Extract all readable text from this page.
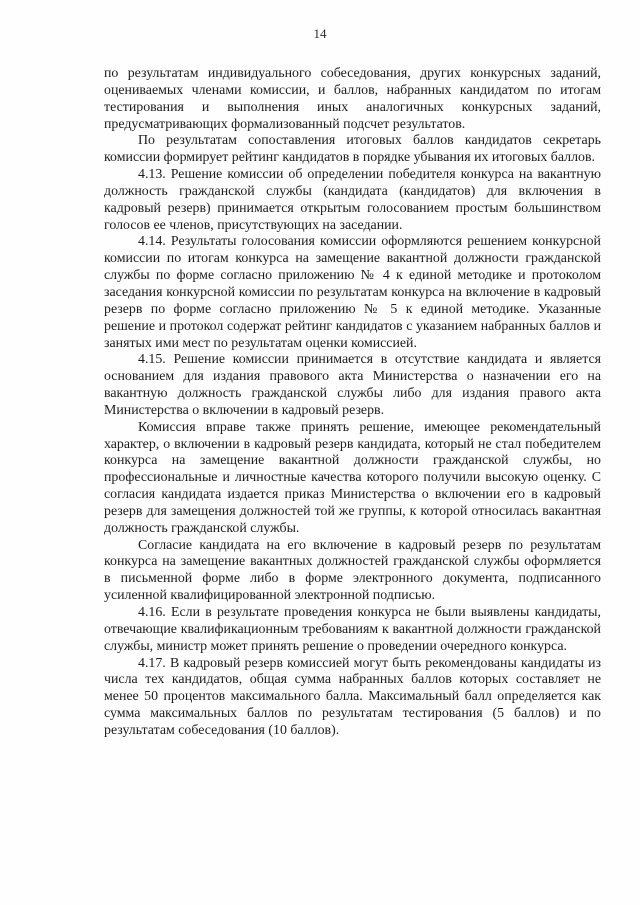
14

по результатам индивидуального собеседования, других конкурсных заданий, оцениваемых членами комиссии, и баллов, набранных кандидатом по итогам тестирования и выполнения иных аналогичных конкурсных заданий, предусматривающих формализованный подсчет результатов.

По результатам сопоставления итоговых баллов кандидатов секретарь комиссии формирует рейтинг кандидатов в порядке убывания их итоговых баллов.

4.13. Решение комиссии об определении победителя конкурса на вакантную должность гражданской службы (кандидата (кандидатов) для включения в кадровый резерв) принимается открытым голосованием простым большинством голосов ее членов, присутствующих на заседании.

4.14. Результаты голосования комиссии оформляются решением конкурсной комиссии по итогам конкурса на замещение вакантной должности гражданской службы по форме согласно приложению № 4 к единой методике и протоколом заседания конкурсной комиссии по результатам конкурса на включение в кадровый резерв по форме согласно приложению № 5 к единой методике. Указанные решение и протокол содержат рейтинг кандидатов с указанием набранных баллов и занятых ими мест по результатам оценки комиссией.

4.15. Решение комиссии принимается в отсутствие кандидата и является основанием для издания правового акта Министерства о назначении его на вакантную должность гражданской службы либо для издания правого акта Министерства о включении в кадровый резерв.

Комиссия вправе также принять решение, имеющее рекомендательный характер, о включении в кадровый резерв кандидата, который не стал победителем конкурса на замещение вакантной должности гражданской службы, но профессиональные и личностные качества которого получили высокую оценку. С согласия кандидата издается приказ Министерства о включении его в кадровый резерв для замещения должностей той же группы, к которой относилась вакантная должность гражданской службы.

Согласие кандидата на его включение в кадровый резерв по результатам конкурса на замещение вакантных должностей гражданской службы оформляется в письменной форме либо в форме электронного документа, подписанного усиленной квалифицированной электронной подписью.

4.16. Если в результате проведения конкурса не были выявлены кандидаты, отвечающие квалификационным требованиям к вакантной должности гражданской службы, министр может принять решение о проведении очередного конкурса.

4.17. В кадровый резерв комиссией могут быть рекомендованы кандидаты из числа тех кандидатов, общая сумма набранных баллов которых составляет не менее 50 процентов максимального балла. Максимальный балл определяется как сумма максимальных баллов по результатам тестирования (5 баллов) и по результатам собеседования (10 баллов).
